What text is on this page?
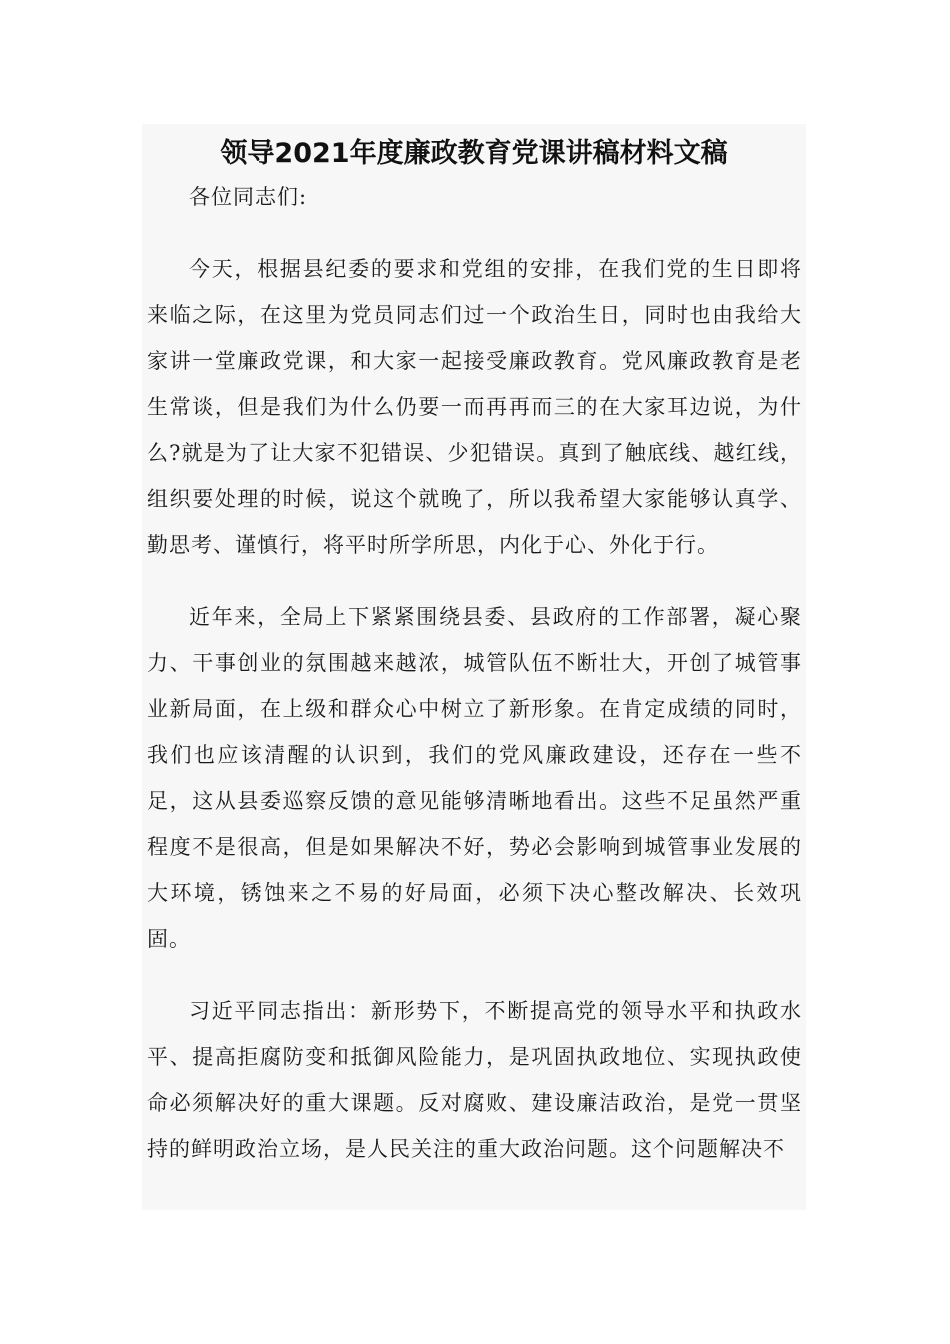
领导2021年度廉政教育党课讲稿材料文稿

各位同志们:

今天，根据县纪委的要求和党组的安排，在我们党的生日即将来临之际，在这里为党员同志们过一个政治生日，同时也由我给大家讲一堂廉政党课，和大家一起接受廉政教育。党风廉政教育是老生常谈，但是我们为什么仍要一而再再而三的在大家耳边说，为什么?就是为了让大家不犯错误、少犯错误。真到了触底线、越红线，组织要处理的时候，说这个就晚了，所以我希望大家能够认真学、勤思考、谨慎行，将平时所学所思，内化于心、外化于行。

近年来，全局上下紧紧围绕县委、县政府的工作部署，凝心聚力、干事创业的氛围越来越浓，城管队伍不断壮大，开创了城管事业新局面，在上级和群众心中树立了新形象。在肯定成绩的同时，我们也应该清醒的认识到，我们的党风廉政建设，还存在一些不足，这从县委巡察反馈的意见能够清晰地看出。这些不足虽然严重程度不是很高，但是如果解决不好，势必会影响到城管事业发展的大环境，锈蚀来之不易的好局面，必须下决心整改解决、长效巩固。

习近平同志指出：新形势下，不断提高党的领导水平和执政水平、提高拒腐防变和抵御风险能力，是巩固执政地位、实现执政使命必须解决好的重大课题。反对腐败、建设廉洁政治，是党一贯坚持的鲜明政治立场，是人民关注的重大政治问题。这个问题解决不
